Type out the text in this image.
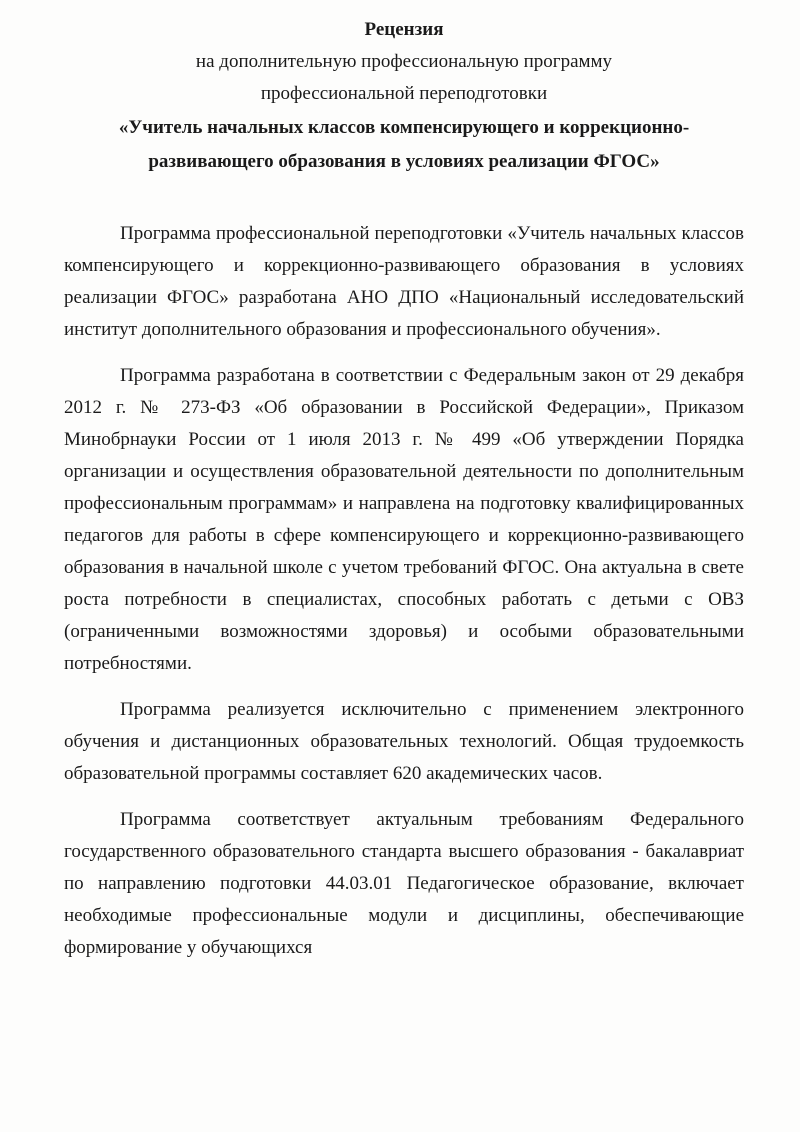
Рецензия

на дополнительную профессиональную программу

профессиональной переподготовки

«Учитель начальных классов компенсирующего и коррекционно-

развивающего образования в условиях реализации ФГОС»

Программа профессиональной переподготовки «Учитель начальных классов компенсирующего и коррекционно-развивающего образования в условиях реализации ФГОС» разработана АНО ДПО «Национальный исследовательский институт дополнительного образования и профессионального обучения».

Программа разработана в соответствии с Федеральным закон от 29 декабря 2012 г. № 273-ФЗ «Об образовании в Российской Федерации», Приказом Минобрнауки России от 1 июля 2013 г. № 499 «Об утверждении Порядка организации и осуществления образовательной деятельности по дополнительным профессиональным программам» и направлена на подготовку квалифицированных педагогов для работы в сфере компенсирующего и коррекционно-развивающего образования в начальной школе с учетом требований ФГОС. Она актуальна в свете роста потребности в специалистах, способных работать с детьми с ОВЗ (ограниченными возможностями здоровья) и особыми образовательными потребностями.

Программа реализуется исключительно с применением электронного обучения и дистанционных образовательных технологий. Общая трудоемкость образовательной программы составляет 620 академических часов.

Программа соответствует актуальным требованиям Федерального государственного образовательного стандарта высшего образования - бакалавриат по направлению подготовки 44.03.01 Педагогическое образование, включает необходимые профессиональные модули и дисциплины, обеспечивающие формирование у обучающихся
